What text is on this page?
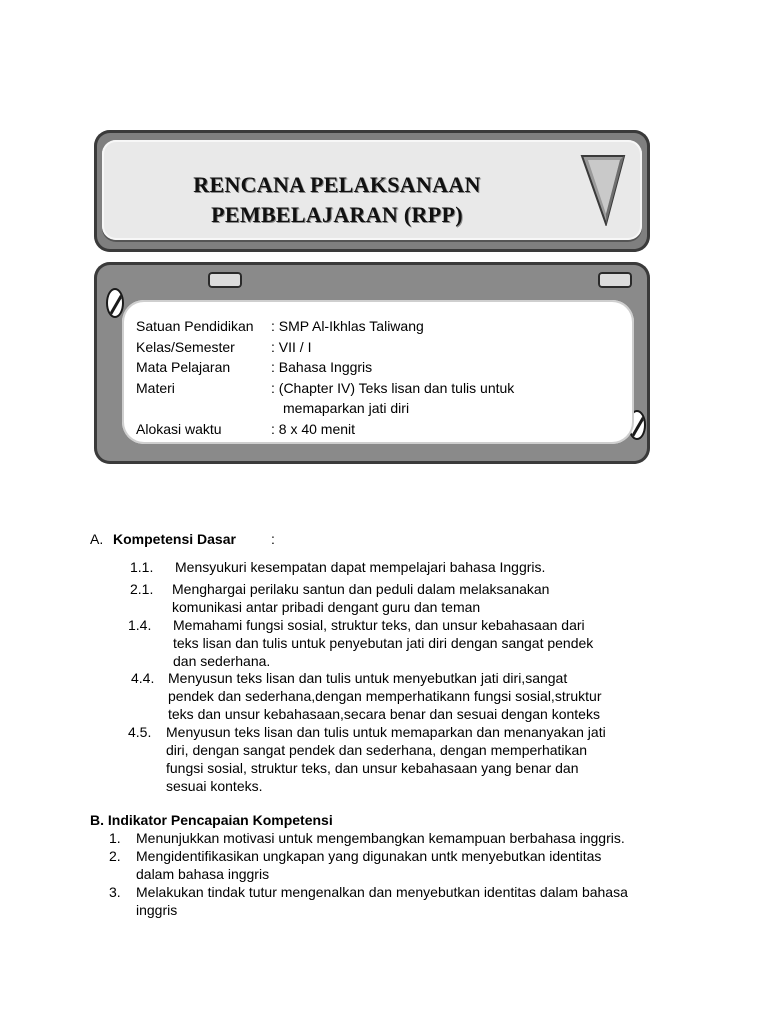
RENCANA PELAKSANAAN
PEMBELAJARAN (RPP)
Satuan Pendidikan : SMP Al-Ikhlas Taliwang
Kelas/Semester	: VII / I
Mata Pelajaran	: Bahasa Inggris
Materi	: (Chapter IV) Teks lisan dan tulis untuk
memaparkan jati diri
Alokasi waktu	: 8 x 40 menit
A. Kompetensi Dasar	:
1.1. Mensyukuri kesempatan dapat mempelajari bahasa Inggris.
2.1. Menghargai perilaku santun dan peduli dalam melaksanakan
komunikasi antar pribadi dengant guru dan teman
1.4. Memahami fungsi sosial, struktur teks, dan unsur kebahasaan dari
teks lisan dan tulis untuk penyebutan jati diri dengan sangat pendek
dan sederhana.
4.4. Menyusun teks lisan dan tulis untuk menyebutkan jati diri,sangat
pendek dan sederhana,dengan memperhatikann fungsi sosial,struktur
teks dan unsur kebahasaan,secara benar dan sesuai dengan konteks
4.5. Menyusun teks lisan dan tulis untuk memaparkan dan menanyakan jati
diri, dengan sangat pendek dan sederhana, dengan memperhatikan
fungsi sosial, struktur teks, dan unsur kebahasaan yang benar dan
sesuai konteks.
B. Indikator Pencapaian Kompetensi
1. Menunjukkan motivasi untuk mengembangkan kemampuan berbahasa inggris.
2. Mengidentifikasikan ungkapan yang digunakan untk menyebutkan identitas
dalam bahasa inggris
3. Melakukan tindak tutur mengenalkan dan menyebutkan identitas dalam bahasa
inggris
